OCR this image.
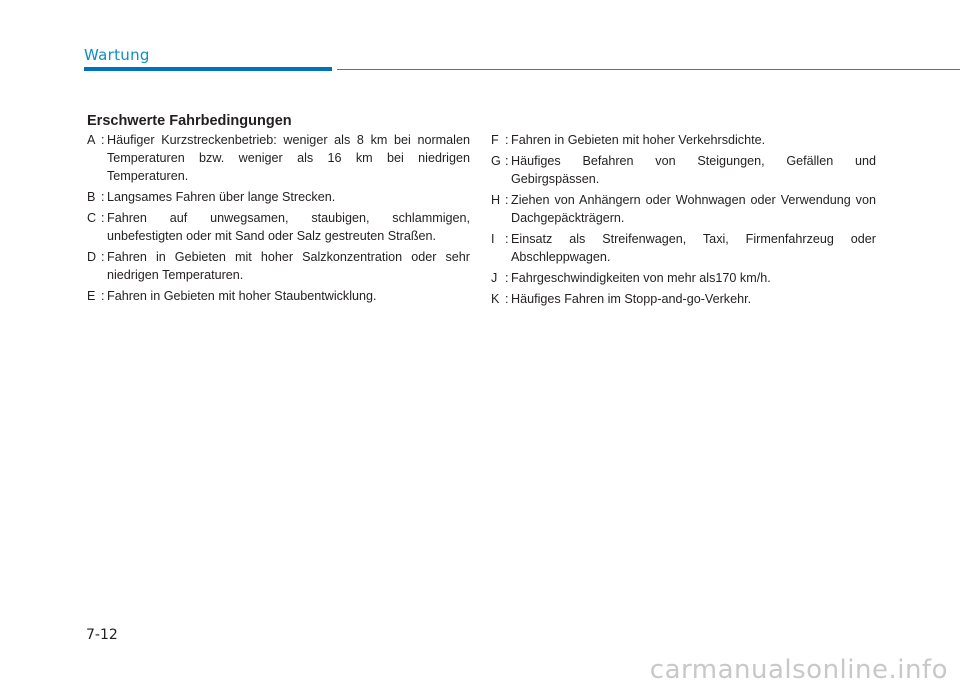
Wartung
Erschwerte Fahrbedingungen
A : Häufiger Kurzstreckenbetrieb: weniger als 8 km bei normalen Temperaturen bzw. weniger als 16 km bei niedrigen Temperaturen.
B : Langsames Fahren über lange Strecken.
C : Fahren auf unwegsamen, staubigen, schlammigen, unbefestigten oder mit Sand oder Salz gestreuten Straßen.
D : Fahren in Gebieten mit hoher Salzkonzentration oder sehr niedrigen Temperaturen.
E : Fahren in Gebieten mit hoher Staubentwicklung.
F : Fahren in Gebieten mit hoher Verkehrsdichte.
G : Häufiges Befahren von Steigungen, Gefällen und Gebirgspässen.
H : Ziehen von Anhängern oder Wohnwagen oder Verwendung von Dachgepäckträgern.
I : Einsatz als Streifenwagen, Taxi, Firmenfahrzeug oder Abschleppwagen.
J : Fahrgeschwindigkeiten von mehr als170 km/h.
K : Häufiges Fahren im Stopp-and-go-Verkehr.
7-12
carmanualsonline.info
